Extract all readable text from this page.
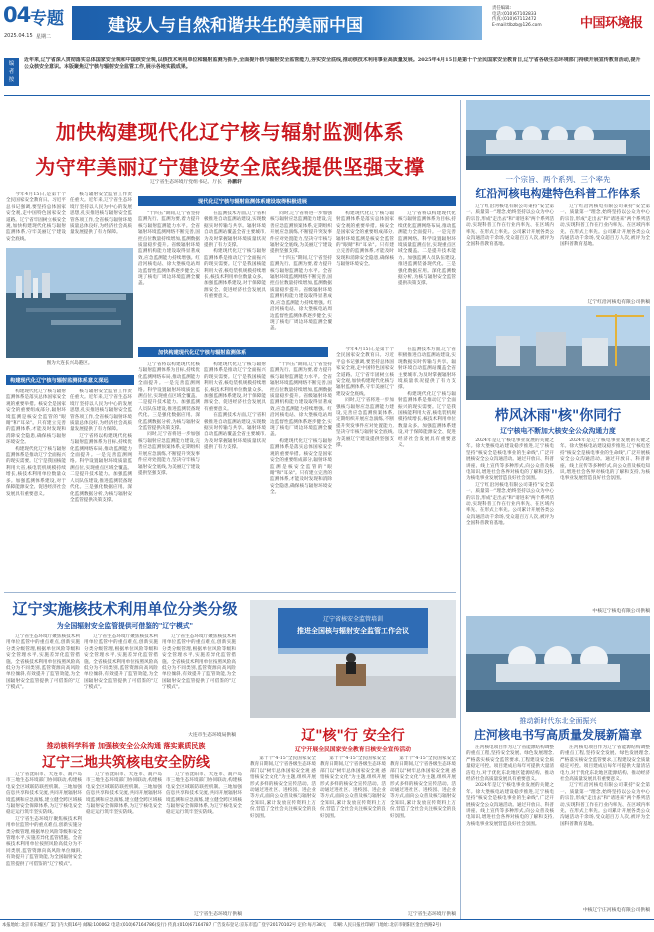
04 专题
2025.04.15 星期二
建设人与自然和谐共生的美丽中国
责任编辑:
电话:(010)67102833
传真:(010)67112472
E-mail:tlbzb@126.com	中国环境报
编
者
按
近年来,辽宁省深入贯彻落实总体国家安全观和中国核安全观,以核技术利用单位和辐射监测为抓手,全面提升核与辐射安全监管能力,夯实安全底线,推动核技术利用事业高质量发展。2025年4月15日是第十个全民国家安全教育日,辽宁省各级生态环境部门持续开展宣传教育活动,提升公众核安全意识。本版聚焦辽宁核与辐射安全监管工作,展示各地实践成果。
加快构建现代化辽宁核与辐射监测体系
为守牢美丽辽宁建设安全底线提供坚强支撑
辽宁省生态环境厅党组书记、厅长 孙鹏轩

今年4月15日,是第十个全民国家安全教育日。习近平总书记强调,要坚持总体国家安全观,走中国特色国家安全道路。辽宁省牢固树立核安全观,加快构建现代化核与辐射监测体系,守牢美丽辽宁建设安全底线。

核与辐射安全监管工作责任重大。近年来,辽宁省生态环境厅坚持以人民为中心的发展思想,扎实推进核与辐射安全监管各项工作,全省核与辐射环境质量总体良好,为经济社会高质量发展提供了有力保障。

图为大连长兴岛港区。
构建现代化辽宁核与辐射监测体系意义深远

构建现代化辽宁核与辐射监测体系是落实总体国家安全观的重要举措。核安全是国家安全的重要组成部分,辐射环境监测是核安全监管的"眼睛"和"耳朵"。只有建立完善的监测体系,才能及时发现和消除安全隐患,确保核与辐射环境安全。

构建现代化辽宁核与辐射监测体系是推动辽宁全面振兴的现实需要。辽宁是我国核能利用大省,核电装机规模持续增长,核技术利用单位数量众多。加强监测体系建设,对于保障能源安全、促进经济社会发展具有重要意义。

核与辐射安全监管工作责任重大。近年来,辽宁省生态环境厅坚持以人民为中心的发展思想,扎实推进核与辐射安全监管各项工作,全省核与辐射环境质量总体良好,为经济社会高质量发展提供了有力保障。

辽宁省将以构建现代化核与辐射监测体系为目标,持续优化监测网络布局,推动监测能力全面提升。一是完善监测网络。科学设置辐射环境质量监测点位,实现重点区域全覆盖。二是提升技术能力。加强监测人员队伍建设,推进监测装备现代化。三是强化数据应用。深化监测数据分析,为核与辐射安全监管提供决策支撑。

现代化辽宁核与辐射监测体系建设取得积极进展

"十四五"期间,辽宁省坚持监测先行、监测为要,着力提升核与辐射监测能力水平。全省辐射环境监测网络不断完善,国控点位数量持续增加,监测数据质量稳步提升。省级辐射环境监测机构能力建设取得显著成效,应急监测能力持续增强。红沿河核电站、徐大堡核电站周边监督性监测体系逐步健全,实现了核电厂周边环境监测全覆盖。

在监测技术方面,辽宁省积极推进自动监测站建设,实现数据实时传输与共享。辐射环境自动监测站覆盖全省主要城市,为及时掌握辐射环境质量状况提供了有力支撑。

构建现代化辽宁核与辐射监测体系是推动辽宁全面振兴的现实需要。辽宁是我国核能利用大省,核电装机规模持续增长,核技术利用单位数量众多。加强监测体系建设,对于保障能源安全、促进经济社会发展具有重要意义。

同时,辽宁省将进一步加强核与辐射应急监测能力建设,完善应急监测预案体系,定期组织开展应急演练,不断提升突发事件应对处置能力,坚决守牢核与辐射安全底线,为美丽辽宁建设提供坚强支撑。

"十四五"期间,辽宁省坚持监测先行、监测为要,着力提升核与辐射监测能力水平。全省辐射环境监测网络不断完善,国控点位数量持续增加,监测数据质量稳步提升。省级辐射环境监测机构能力建设取得显著成效,应急监测能力持续增强。红沿河核电站、徐大堡核电站周边监督性监测体系逐步健全,实现了核电厂周边环境监测全覆盖。

构建现代化辽宁核与辐射监测体系是落实总体国家安全观的重要举措。核安全是国家安全的重要组成部分,辐射环境监测是核安全监管的"眼睛"和"耳朵"。只有建立完善的监测体系,才能及时发现和消除安全隐患,确保核与辐射环境安全。

辽宁省将以构建现代化核与辐射监测体系为目标,持续优化监测网络布局,推动监测能力全面提升。一是完善监测网络。科学设置辐射环境质量监测点位,实现重点区域全覆盖。二是提升技术能力。加强监测人员队伍建设,推进监测装备现代化。三是强化数据应用。深化监测数据分析,为核与辐射安全监管提供决策支撑。

加快构建现代化辽宁核与辐射监测体系

辽宁省将以构建现代化核与辐射监测体系为目标,持续优化监测网络布局,推动监测能力全面提升。一是完善监测网络。科学设置辐射环境质量监测点位,实现重点区域全覆盖。二是提升技术能力。加强监测人员队伍建设,推进监测装备现代化。三是强化数据应用。深化监测数据分析,为核与辐射安全监管提供决策支撑。

同时,辽宁省将进一步加强核与辐射应急监测能力建设,完善应急监测预案体系,定期组织开展应急演练,不断提升突发事件应对处置能力,坚决守牢核与辐射安全底线,为美丽辽宁建设提供坚强支撑。

构建现代化辽宁核与辐射监测体系是推动辽宁全面振兴的现实需要。辽宁是我国核能利用大省,核电装机规模持续增长,核技术利用单位数量众多。加强监测体系建设,对于保障能源安全、促进经济社会发展具有重要意义。

在监测技术方面,辽宁省积极推进自动监测站建设,实现数据实时传输与共享。辐射环境自动监测站覆盖全省主要城市,为及时掌握辐射环境质量状况提供了有力支撑。

"十四五"期间,辽宁省坚持监测先行、监测为要,着力提升核与辐射监测能力水平。全省辐射环境监测网络不断完善,国控点位数量持续增加,监测数据质量稳步提升。省级辐射环境监测机构能力建设取得显著成效,应急监测能力持续增强。红沿河核电站、徐大堡核电站周边监督性监测体系逐步健全,实现了核电厂周边环境监测全覆盖。

构建现代化辽宁核与辐射监测体系是落实总体国家安全观的重要举措。核安全是国家安全的重要组成部分,辐射环境监测是核安全监管的"眼睛"和"耳朵"。只有建立完善的监测体系,才能及时发现和消除安全隐患,确保核与辐射环境安全。

今年4月15日,是第十个全民国家安全教育日。习近平总书记强调,要坚持总体国家安全观,走中国特色国家安全道路。辽宁省牢固树立核安全观,加快构建现代化核与辐射监测体系,守牢美丽辽宁建设安全底线。

同时,辽宁省将进一步加强核与辐射应急监测能力建设,完善应急监测预案体系,定期组织开展应急演练,不断提升突发事件应对处置能力,坚决守牢核与辐射安全底线,为美丽辽宁建设提供坚强支撑。

在监测技术方面,辽宁省积极推进自动监测站建设,实现数据实时传输与共享。辐射环境自动监测站覆盖全省主要城市,为及时掌握辐射环境质量状况提供了有力支撑。

构建现代化辽宁核与辐射监测体系是推动辽宁全面振兴的现实需要。辽宁是我国核能利用大省,核电装机规模持续增长,核技术利用单位数量众多。加强监测体系建设,对于保障能源安全、促进经济社会发展具有重要意义。

一个宗旨、两个系列、三个率先
红沿河核电构建特色科普工作体系

辽宁红沿河核电有限公司秉持"安全第一、质量第一"理念,始终坚持以公众为中心的宗旨,形成"走出去"和"请进来"两个系列活动,实现科普工作在行业内率先、在区域内率先、在形式上率先。公司累计开展各类公众沟通活动千余场,受众超百万人次,被评为全国科普教育基地。

辽宁红沿河核电有限公司秉持"安全第一、质量第一"理念,始终坚持以公众为中心的宗旨,形成"走出去"和"请进来"两个系列活动,实现科普工作在行业内率先、在区域内率先、在形式上率先。公司累计开展各类公众沟通活动千余场,受众超百万人次,被评为全国科普教育基地。

辽宁红沿河核电有限公司供稿
栉风沐雨"核"你同行
辽宁核电不断加大核安全公众沟通力度

2024年是辽宁核电事业发展的关键之年。徐大堡核电站建设稳步推进,辽宁核电坚持"核安全是核电事业的生命线",广泛开展核安全公众沟通活动。通过开放日、科普讲座、线上宣传等多种形式,向公众普及核电知识,增进社会各界对核电的了解和支持,为核电事业发展营造良好社会氛围。

辽宁红沿河核电有限公司秉持"安全第一、质量第一"理念,始终坚持以公众为中心的宗旨,形成"走出去"和"请进来"两个系列活动,实现科普工作在行业内率先、在区域内率先、在形式上率先。公司累计开展各类公众沟通活动千余场,受众超百万人次,被评为全国科普教育基地。

2024年是辽宁核电事业发展的关键之年。徐大堡核电站建设稳步推进,辽宁核电坚持"核安全是核电事业的生命线",广泛开展核安全公众沟通活动。通过开放日、科普讲座、线上宣传等多种形式,向公众普及核电知识,增进社会各界对核电的了解和支持,为核电事业发展营造良好社会氛围。

中核辽宁核电有限公司供稿
推动新时代东北全面振兴
庄河核电书写高质量发展新篇章

庄河核电项目作为辽宁省能源结构调整的重点工程,坚持安全发展、绿色发展理念,严格落实核安全监管要求,工程建设安全质量稳定可控。项目建成后每年可提供大量清洁电力,对于优化东北地区能源结构、推动经济社会高质量发展具有重要意义。

2024年是辽宁核电事业发展的关键之年。徐大堡核电站建设稳步推进,辽宁核电坚持"核安全是核电事业的生命线",广泛开展核安全公众沟通活动。通过开放日、科普讲座、线上宣传等多种形式,向公众普及核电知识,增进社会各界对核电的了解和支持,为核电事业发展营造良好社会氛围。

庄河核电项目作为辽宁省能源结构调整的重点工程,坚持安全发展、绿色发展理念,严格落实核安全监管要求,工程建设安全质量稳定可控。项目建成后每年可提供大量清洁电力,对于优化东北地区能源结构、推动经济社会高质量发展具有重要意义。

辽宁红沿河核电有限公司秉持"安全第一、质量第一"理念,始终坚持以公众为中心的宗旨,形成"走出去"和"请进来"两个系列活动,实现科普工作在行业内率先、在区域内率先、在形式上率先。公司累计开展各类公众沟通活动千余场,受众超百万人次,被评为全国科普教育基地。

中核辽宁庄河核电有限公司供稿
辽宁实施核技术利用单位分类分级
为全国辐射安全监管提供可借鉴的"辽宁模式"

辽宁省生态环境厅聚焦核技术利用单位监管中的重点难点,创新实施分类分级管理,根据单位风险等级和安全管理水平,实施差异化监管措施。全省核技术利用单位按照风险高低分为不同类别,监管资源向高风险单位倾斜,有效提升了监管效能,为全国辐射安全监管提供了可借鉴的"辽宁模式"。

辽宁省生态环境厅聚焦核技术利用单位监管中的重点难点,创新实施分类分级管理,根据单位风险等级和安全管理水平,实施差异化监管措施。全省核技术利用单位按照风险高低分为不同类别,监管资源向高风险单位倾斜,有效提升了监管效能,为全国辐射安全监管提供了可借鉴的"辽宁模式"。

辽宁省生态环境厅聚焦核技术利用单位监管中的重点难点,创新实施分类分级管理,根据单位风险等级和安全管理水平,实施差异化监管措施。全省核技术利用单位按照风险高低分为不同类别,监管资源向高风险单位倾斜,有效提升了监管效能,为全国辐射安全监管提供了可借鉴的"辽宁模式"。

大连市生态环境局供稿
辽宁省核安全监管培训
推进全国核与辐射安全监管工作会议
辽"核"行 安全行
辽宁开展全民国家安全教育日核安全宣传活动

第十个"4·15"全民国家安全教育日期间,辽宁省各级生态环境部门以"树牢总体国家安全观 感悟核安全文化"为主题,组织开展形式多样的核安全宣传活动。活动通过进社区、进校园、进企业等方式,面向公众普及核与辐射安全知识,累计发放宣传资料上万份,营造了全社会关注核安全的良好氛围。

第十个"4·15"全民国家安全教育日期间,辽宁省各级生态环境部门以"树牢总体国家安全观 感悟核安全文化"为主题,组织开展形式多样的核安全宣传活动。活动通过进社区、进校园、进企业等方式,面向公众普及核与辐射安全知识,累计发放宣传资料上万份,营造了全社会关注核安全的良好氛围。

第十个"4·15"全民国家安全教育日期间,辽宁省各级生态环境部门以"树牢总体国家安全观 感悟核安全文化"为主题,组织开展形式多样的核安全宣传活动。活动通过进社区、进校园、进企业等方式,面向公众普及核与辐射安全知识,累计发放宣传资料上万份,营造了全社会关注核安全的良好氛围。

辽宁省生态环境厅供稿
推动核科学科普 加强核安全公众沟通 落实素质民族
辽宁三地共筑核电安全防线

辽宁省沈阳市、大连市、葫芦岛市三地生态环境部门协同联动,构建核电安全区域联防联控机制。三地加强信息共享和技术交流,共同开展辐射环境监测和应急演练,建立健全跨区域核与辐射安全保障体系,为辽宁核电安全稳定运行筑牢坚实防线。

辽宁省生态环境厅聚焦核技术利用单位监管中的重点难点,创新实施分类分级管理,根据单位风险等级和安全管理水平,实施差异化监管措施。全省核技术利用单位按照风险高低分为不同类别,监管资源向高风险单位倾斜,有效提升了监管效能,为全国辐射安全监管提供了可借鉴的"辽宁模式"。

辽宁省沈阳市、大连市、葫芦岛市三地生态环境部门协同联动,构建核电安全区域联防联控机制。三地加强信息共享和技术交流,共同开展辐射环境监测和应急演练,建立健全跨区域核与辐射安全保障体系,为辽宁核电安全稳定运行筑牢坚实防线。

辽宁省沈阳市、大连市、葫芦岛市三地生态环境部门协同联动,构建核电安全区域联防联控机制。三地加强信息共享和技术交流,共同开展辐射环境监测和应急演练,建立健全跨区域核与辐射安全保障体系,为辽宁核电安全稳定运行筑牢坚实防线。

辽宁省生态环境厅供稿
本报地址:北京市东城区广渠门内大街16号 邮编:100062 电话:(010)67164786(发行) 传真:(010)67164787 广告发布登记:京东市监广登字20170102号 定价:每月38元 印刷:人民日报社印刷厂(地址:北京市朝阳区金台西路2号)
